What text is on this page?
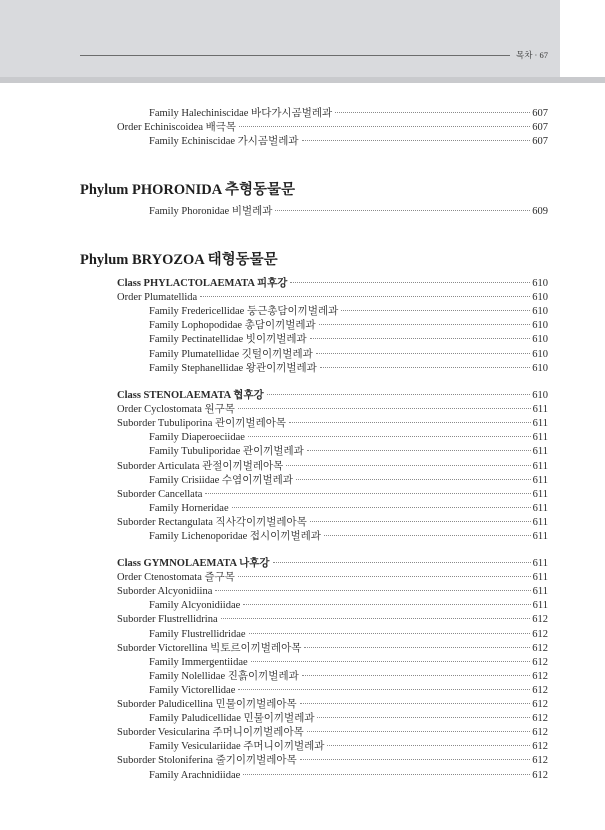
목차 · 67
Phylum PHORONIDA 추형동물문
Phylum BRYOZOA 태형동물문
Family Halechiniscidae 바다가시곰벌레과	607
Order Echiniscoidea 배극목	607
Family Echiniscidae 가시곰벌레과	607
Family Phoronidae 비벌레과	609
Class PHYLACTOLAEMATA 피후강	610
Order Plumatellida	610
Family Fredericellidae 둥근총담이끼벌레과	610
Family Lophopodidae 총담이끼벌레과	610
Family Pectinatellidae 빗이끼벌레과	610
Family Plumatellidae 깃털이끼벌레과	610
Family Stephanellidae 왕관이끼벌레과	610
Class STENOLAEMATA 협후강	610
Order Cyclostomata 원구목	611
Suborder Tubuliporina 관이끼벌레아목	611
Family Diaperoeciidae	611
Family Tubuliporidae 관이끼벌레과	611
Suborder Articulata 관절이끼벌레아목	611
Family Crisiidae 수염이끼벌레과	611
Suborder Cancellata	611
Family Horneridae	611
Suborder Rectangulata 직사각이끼벌레아목	611
Family Lichenoporidae 접시이끼벌레과	611
Class GYMNOLAEMATA 나후강	611
Order Ctenostomata 즐구목	611
Suborder Alcyonidiina	611
Family Alcyonidiidae	611
Suborder Flustrellidrina	612
Family Flustrellidridae	612
Suborder Victorellina 빅토르이끼벌레아목	612
Family Immergentiidae	612
Family Nolellidae 진흙이끼벌레과	612
Family Victorellidae	612
Suborder Paludicellina 민물이끼벌레아목	612
Family Paludicellidae 민물이끼벌레과	612
Suborder Vesicularina 주머니이끼벌레아목	612
Family Vesiculariidae 주머니이끼벌레과	612
Suborder Stoloniferina 줄기이끼벌레아목	612
Family Arachnidiidae	612
